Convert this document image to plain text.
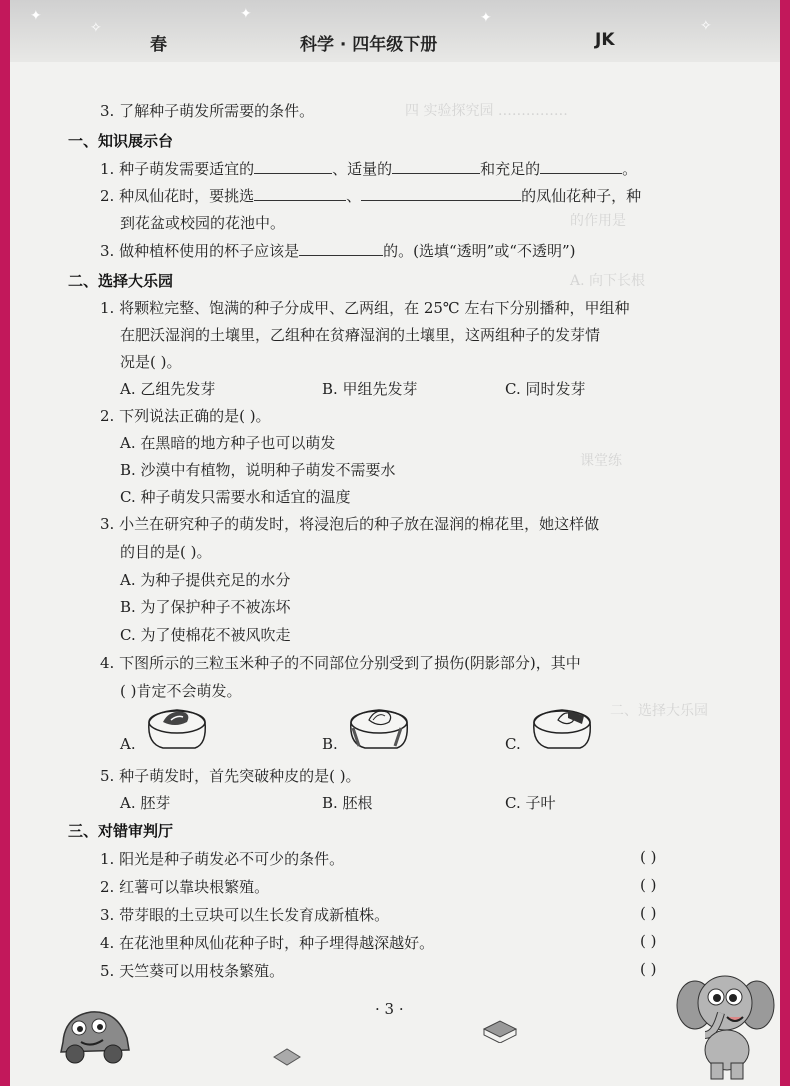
✦
✧
✦	✦	✧
春	科学 · 四年级下册	JK
四 实验探究园 ……………
的作用是
A. 向下长根
课堂练
二、选择大乐园
3. 了解种子萌发所需要的条件。
一、知识展示台
1. 种子萌发需要适宜的	、适量的	和充足的	。
2. 种凤仙花时，要挑选	、	的凤仙花种子，种
到花盆或校园的花池中。
3. 做种植杯使用的杯子应该是	的。(选填“透明”或“不透明”)
二、选择大乐园
1. 将颗粒完整、饱满的种子分成甲、乙两组，在 25℃ 左右下分别播种，甲组种
在肥沃湿润的土壤里，乙组种在贫瘠湿润的土壤里，这两组种子的发芽情
况是( )。
A. 乙组先发芽	B. 甲组先发芽	C. 同时发芽
2. 下列说法正确的是( )。
A. 在黑暗的地方种子也可以萌发
B. 沙漠中有植物，说明种子萌发不需要水
C. 种子萌发只需要水和适宜的温度
3. 小兰在研究种子的萌发时，将浸泡后的种子放在湿润的棉花里，她这样做
的目的是( )。
A. 为种子提供充足的水分
B. 为了保护种子不被冻坏
C. 为了使棉花不被风吹走
4. 下图所示的三粒玉米种子的不同部位分别受到了损伤(阴影部分)，其中
( )肯定不会萌发。
A.	B.	C.
5. 种子萌发时，首先突破种皮的是( )。
A. 胚芽	B. 胚根	C. 子叶
三、对错审判厅
1. 阳光是种子萌发必不可少的条件。	( )
2. 红薯可以靠块根繁殖。	( )
3. 带芽眼的土豆块可以生长发育成新植株。	( )
4. 在花池里种凤仙花种子时，种子埋得越深越好。	( )
5. 天竺葵可以用枝条繁殖。	( )
· 3 ·
